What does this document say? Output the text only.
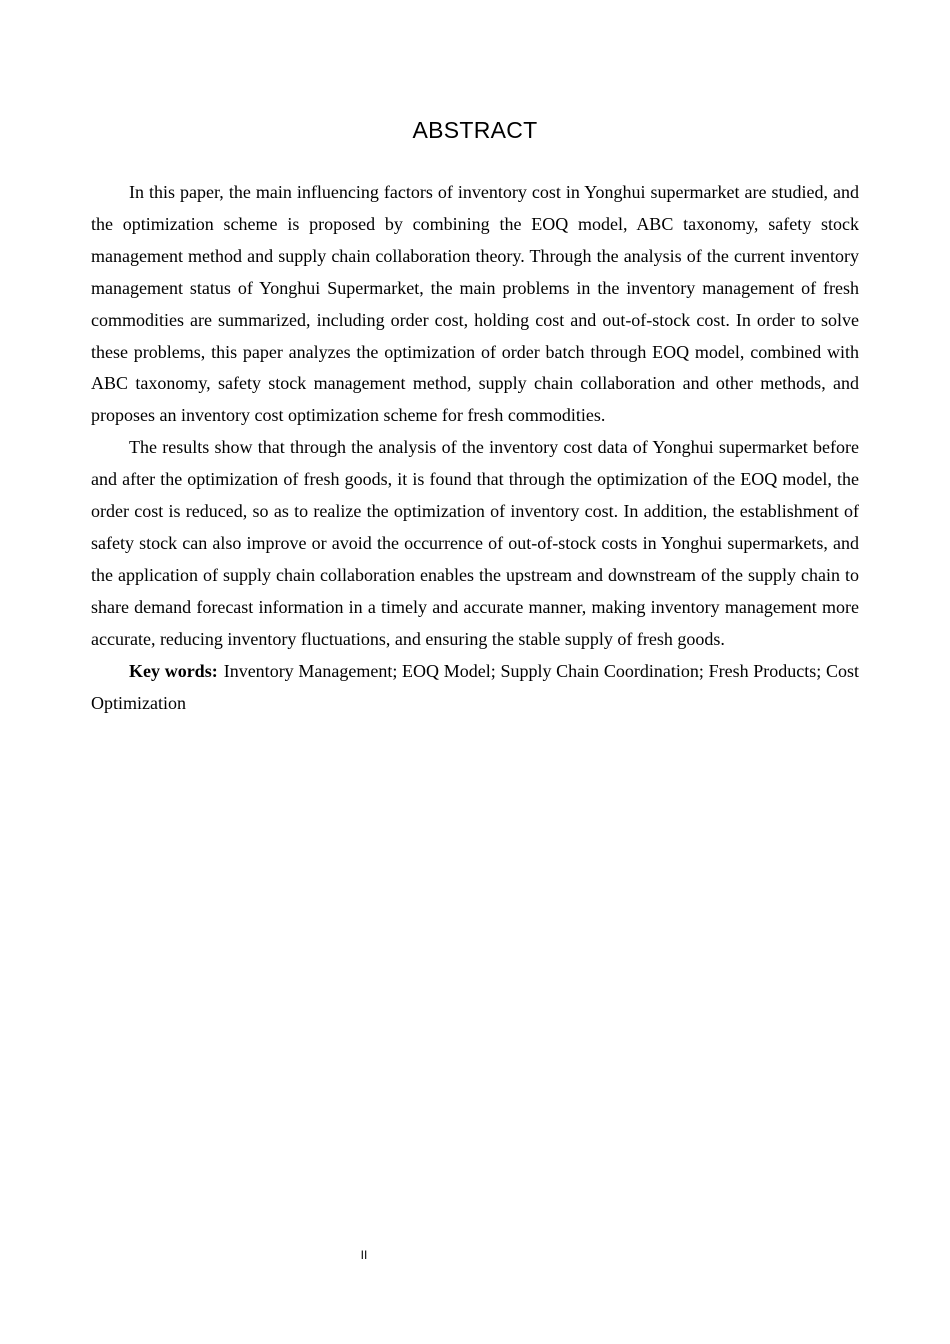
ABSTRACT

In this paper, the main influencing factors of inventory cost in Yonghui supermarket are studied, and the optimization scheme is proposed by combining the EOQ model, ABC taxonomy, safety stock management method and supply chain collaboration theory. Through the analysis of the current inventory management status of Yonghui Supermarket, the main problems in the inventory management of fresh commodities are summarized, including order cost, holding cost and out-of-stock cost. In order to solve these problems, this paper analyzes the optimization of order batch through EOQ model, combined with ABC taxonomy, safety stock management method, supply chain collaboration and other methods, and proposes an inventory cost optimization scheme for fresh commodities.

The results show that through the analysis of the inventory cost data of Yonghui supermarket before and after the optimization of fresh goods, it is found that through the optimization of the EOQ model, the order cost is reduced, so as to realize the optimization of inventory cost. In addition, the establishment of safety stock can also improve or avoid the occurrence of out-of-stock costs in Yonghui supermarkets, and the application of supply chain collaboration enables the upstream and downstream of the supply chain to share demand forecast information in a timely and accurate manner, making inventory management more accurate, reducing inventory fluctuations, and ensuring the stable supply of fresh goods.

Key words: Inventory Management; EOQ Model; Supply Chain Coordination; Fresh Products; Cost Optimization

II
